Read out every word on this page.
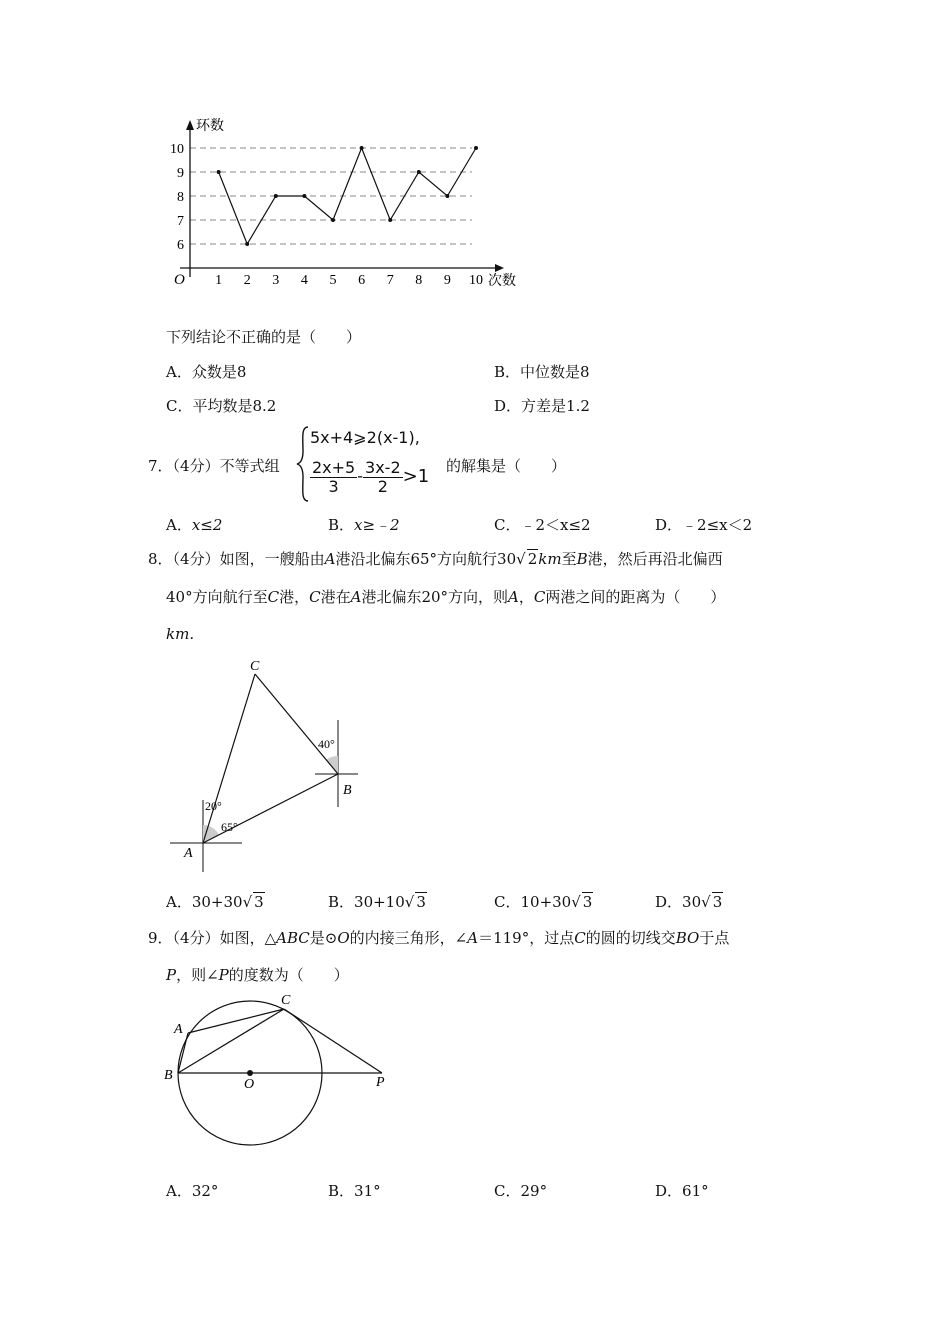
环数
次数
O
6
7
8
9
10
1 2 3 4 5 6 7 8 9 10
下列结论不正确的是（　　）
A．众数是8	B．中位数是8
C．平均数是8.2	D．方差是1.2
7．（4分）不等式组
5x+4⩾2(x-1),
$\frac{2x+5}{3} - \frac{3x-2}{2} >1$
的解集是（　　）
A．x≤2	B．x≥﹣2	C．﹣2＜x≤2	D．﹣2≤x＜2
8．（4分）如图，一艘船由A港沿北偏东65°方向航行30√ 2km至B港，然后再沿北偏西
40°方向航行至C港，C港在A港北偏东20°方向，则A，C两港之间的距离为（　　）
km.
C
B
A
20°
65°
40°
A．30+30√ 3	B．30+10√ 3	C．10+30√ 3	D．30√ 3
9．（4分）如图，△ABC是⊙O的内接三角形，∠A＝119°，过点C的圆的切线交BO于点
P，则∠P的度数为（　　）
A
B
C
O	P
A．32°	B．31°	C．29°	D．61°
